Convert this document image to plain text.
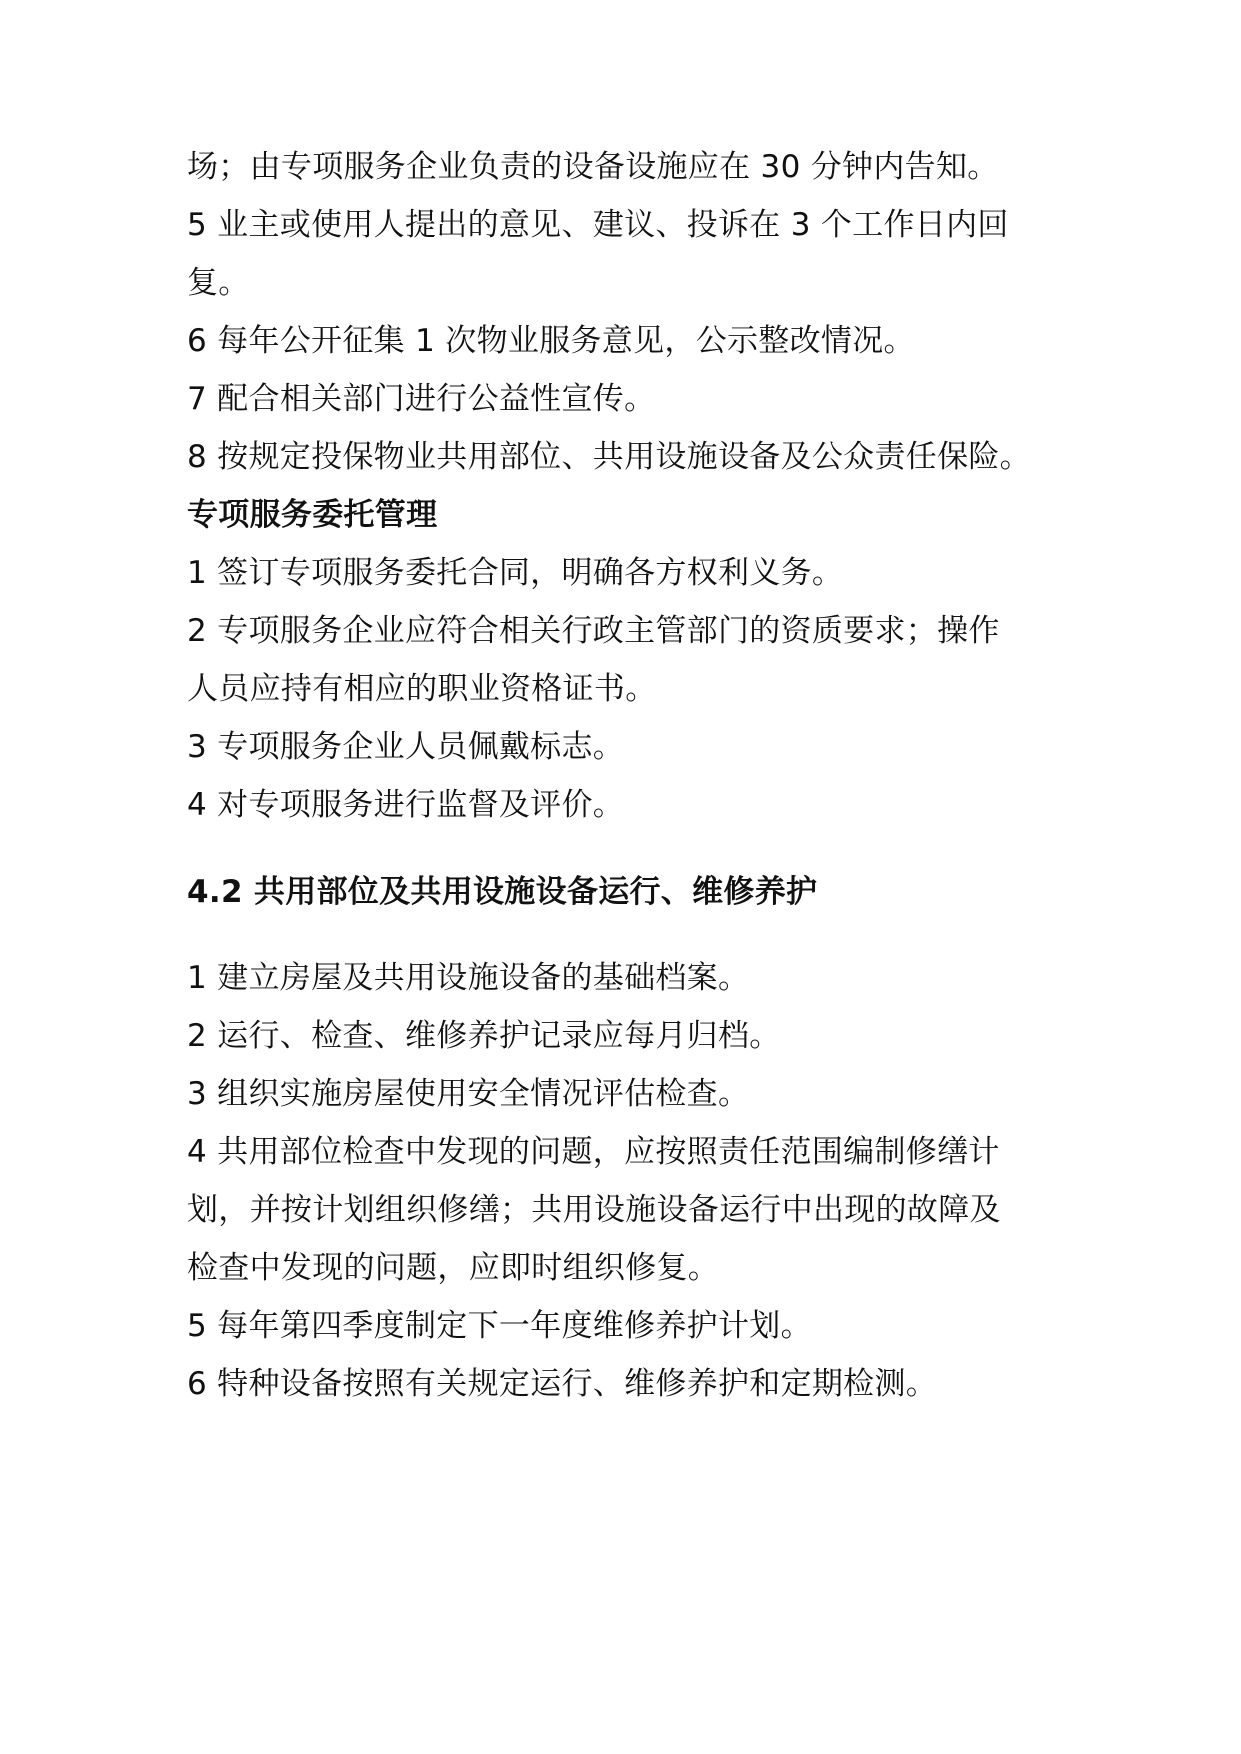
场；由专项服务企业负责的设备设施应在 30 分钟内告知。
5 业主或使用人提出的意见、建议、投诉在 3 个工作日内回
复。
6 每年公开征集 1 次物业服务意见，公示整改情况。
7 配合相关部门进行公益性宣传。
8 按规定投保物业共用部位、共用设施设备及公众责任保险。
专项服务委托管理
1 签订专项服务委托合同，明确各方权利义务。
2 专项服务企业应符合相关行政主管部门的资质要求；操作
人员应持有相应的职业资格证书。
3 专项服务企业人员佩戴标志。
4 对专项服务进行监督及评价。
4.2 共用部位及共用设施设备运行、维修养护
1 建立房屋及共用设施设备的基础档案。
2 运行、检查、维修养护记录应每月归档。
3 组织实施房屋使用安全情况评估检查。
4 共用部位检查中发现的问题，应按照责任范围编制修缮计
划，并按计划组织修缮；共用设施设备运行中出现的故障及
检查中发现的问题，应即时组织修复。
5 每年第四季度制定下一年度维修养护计划。
6 特种设备按照有关规定运行、维修养护和定期检测。
